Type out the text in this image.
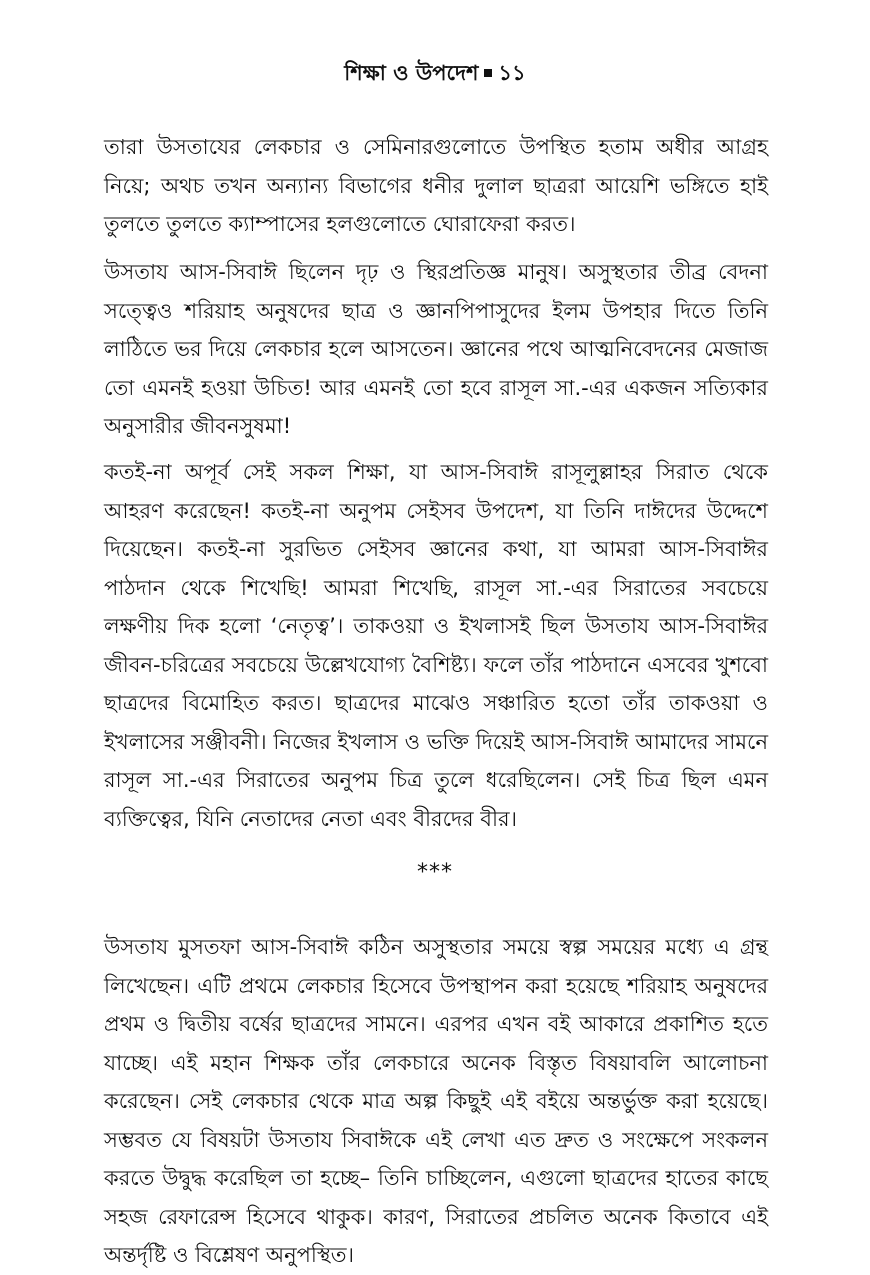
শিক্ষা ও উপদেশ ১১

তারা উসতাযের লেকচার ও সেমিনারগুলোতে উপস্থিত হতাম অধীর আগ্রহ নিয়ে; অথচ তখন অন্যান্য বিভাগের ধনীর দুলাল ছাত্ররা আয়েশি ভঙ্গিতে হাই তুলতে তুলতে ক্যাম্পাসের হলগুলোতে ঘোরাফেরা করত।

উসতায আস-সিবাঈ ছিলেন দৃঢ় ও স্থিরপ্রতিজ্ঞ মানুষ। অসুস্থতার তীব্র বেদনা সত্ত্বেও শরিয়াহ অনুষদের ছাত্র ও জ্ঞানপিপাসুদের ইলম উপহার দিতে তিনি লাঠিতে ভর দিয়ে লেকচার হলে আসতেন। জ্ঞানের পথে আত্মনিবেদনের মেজাজ তো এমনই হওয়া উচিত! আর এমনই তো হবে রাসূল সা.-এর একজন সত্যিকার অনুসারীর জীবনসুষমা!

কতই-না অপূর্ব সেই সকল শিক্ষা, যা আস-সিবাঈ রাসূলুল্লাহর সিরাত থেকে আহরণ করেছেন! কতই-না অনুপম সেইসব উপদেশ, যা তিনি দাঈদের উদ্দেশে দিয়েছেন। কতই-না সুরভিত সেইসব জ্ঞানের কথা, যা আমরা আস-সিবাঈর পাঠদান থেকে শিখেছি! আমরা শিখেছি, রাসূল সা.-এর সিরাতের সবচেয়ে লক্ষণীয় দিক হলো ‘নেতৃত্ব’। তাকওয়া ও ইখলাসই ছিল উসতায আস-সিবাঈর জীবন-চরিত্রের সবচেয়ে উল্লেখযোগ্য বৈশিষ্ট্য। ফলে তাঁর পাঠদানে এসবের খুশবো ছাত্রদের বিমোহিত করত। ছাত্রদের মাঝেও সঞ্চারিত হতো তাঁর তাকওয়া ও ইখলাসের সঞ্জীবনী। নিজের ইখলাস ও ভক্তি দিয়েই আস-সিবাঈ আমাদের সামনে রাসূল সা.-এর সিরাতের অনুপম চিত্র তুলে ধরেছিলেন। সেই চিত্র ছিল এমন ব্যক্তিত্বের, যিনি নেতাদের নেতা এবং বীরদের বীর।

***

উসতায মুসতফা আস-সিবাঈ কঠিন অসুস্থতার সময়ে স্বল্প সময়ের মধ্যে এ গ্রন্থ লিখেছেন। এটি প্রথমে লেকচার হিসেবে উপস্থাপন করা হয়েছে শরিয়াহ অনুষদের প্রথম ও দ্বিতীয় বর্ষের ছাত্রদের সামনে। এরপর এখন বই আকারে প্রকাশিত হতে যাচ্ছে। এই মহান শিক্ষক তাঁর লেকচারে অনেক বিস্তৃত বিষয়াবলি আলোচনা করেছেন। সেই লেকচার থেকে মাত্র অল্প কিছুই এই বইয়ে অন্তর্ভুক্ত করা হয়েছে। সম্ভবত যে বিষয়টা উসতায সিবাঈকে এই লেখা এত দ্রুত ও সংক্ষেপে সংকলন করতে উদ্বুদ্ধ করেছিল তা হচ্ছে– তিনি চাচ্ছিলেন, এগুলো ছাত্রদের হাতের কাছে সহজ রেফারেন্স হিসেবে থাকুক। কারণ, সিরাতের প্রচলিত অনেক কিতাবে এই অন্তর্দৃষ্টি ও বিশ্লেষণ অনুপস্থিত।
